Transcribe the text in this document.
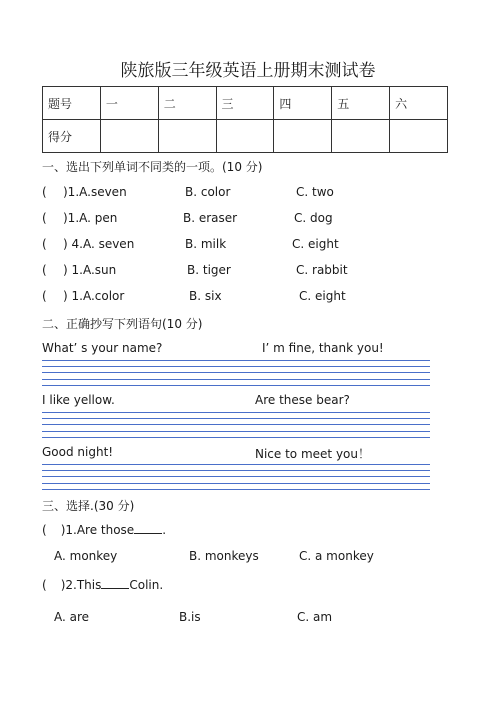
陕旅版三年级英语上册期末测试卷
题号	一	二	三	四	五	六
得分						
一、选出下列单词不同类的一项。(10 分)
( )1.A.seven	B. color	C. two
( )1.A. pen	B. eraser	C. dog
( ) 4.A. seven	B. milk	C. eight
( ) 1.A.sun	B. tiger	C. rabbit
( ) 1.A.color	B. six	C. eight
二、正确抄写下列语句(10 分)
What’ s your name?	I’ m fine, thank you!
I like yellow.	Are these bear?
Good night!	Nice to meet you！
三、选择.(30 分)
( )1.Are those .
A. monkey	B. monkeys	C. a monkey
( )2.This Colin.
A. are	B.is	C. am
